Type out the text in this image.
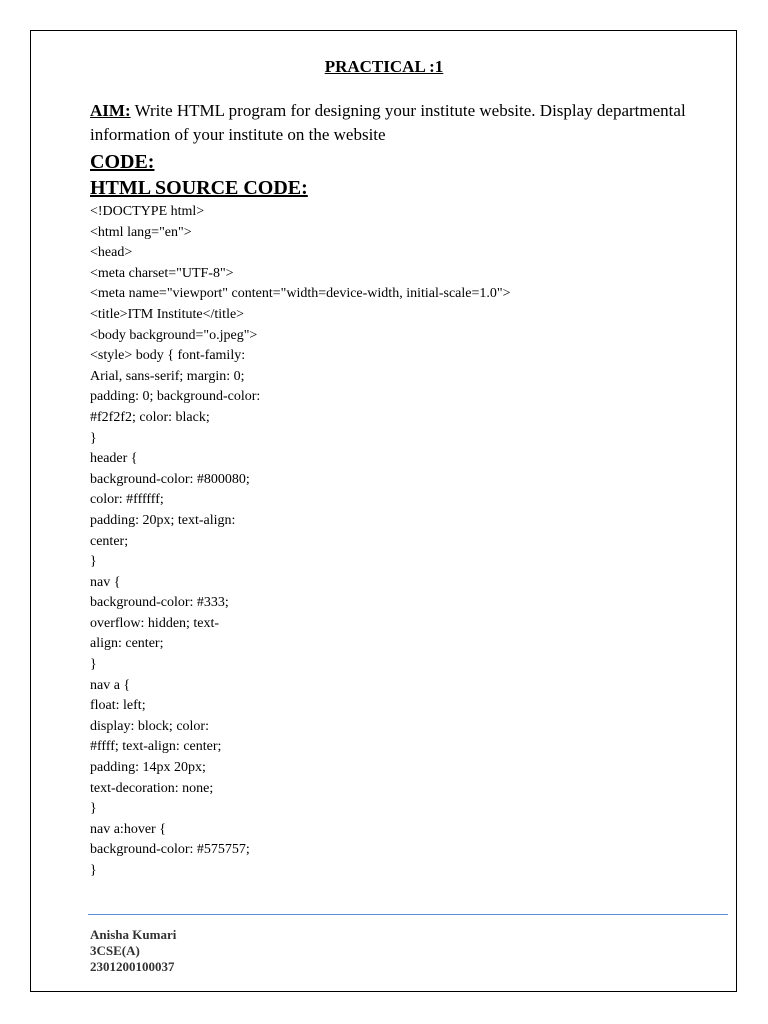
PRACTICAL :1
AIM: Write HTML program for designing your institute website. Display departmental information of your institute on the website
CODE:
HTML SOURCE CODE:
<!DOCTYPE html>
<html lang="en">
<head>
<meta charset="UTF-8">
<meta name="viewport" content="width=device-width, initial-scale=1.0">
<title>ITM Institute</title>
<body background="o.jpeg">
<style> body { font-family:
Arial, sans-serif; margin: 0;
padding: 0; background-color:
#f2f2f2; color: black;
}
header {
background-color: #800080;
color: #ffffff;
padding: 20px; text-align:
center;
}
nav {
background-color: #333;
overflow: hidden; text-
align: center;
}
nav a {
float: left;
display: block; color:
#ffff; text-align: center;
padding: 14px 20px;
text-decoration: none;
}
nav a:hover {
background-color: #575757;
}
Anisha Kumari
3CSE(A)
2301200100037
